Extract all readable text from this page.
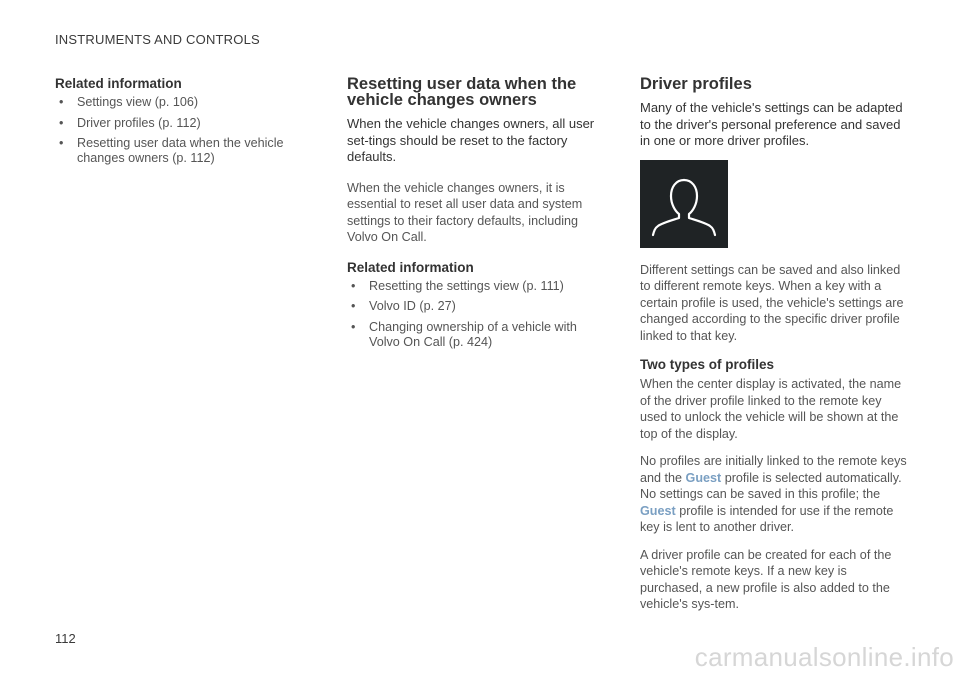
INSTRUMENTS AND CONTROLS
Related information
• Settings view (p. 106)
• Driver profiles (p. 112)
• Resetting user data when the vehicle changes owners (p. 112)
Resetting user data when the vehicle changes owners

When the vehicle changes owners, all user set-tings should be reset to the factory defaults.

When the vehicle changes owners, it is essential to reset all user data and system settings to their factory defaults, including Volvo On Call.

Related information
• Resetting the settings view (p. 111)
• Volvo ID (p. 27)
• Changing ownership of a vehicle with Volvo On Call (p. 424)
Driver profiles

Many of the vehicle's settings can be adapted to the driver's personal preference and saved in one or more driver profiles.

Different settings can be saved and also linked to different remote keys. When a key with a certain profile is used, the vehicle's settings are changed according to the specific driver profile linked to that key.

Two types of profiles

When the center display is activated, the name of the driver profile linked to the remote key used to unlock the vehicle will be shown at the top of the display.

No profiles are initially linked to the remote keys and the Guest profile is selected automatically. No settings can be saved in this profile; the Guest profile is intended for use if the remote key is lent to another driver.

A driver profile can be created for each of the vehicle's remote keys. If a new key is purchased, a new profile is also added to the vehicle's sys-tem.

112
carmanualsonline.info
